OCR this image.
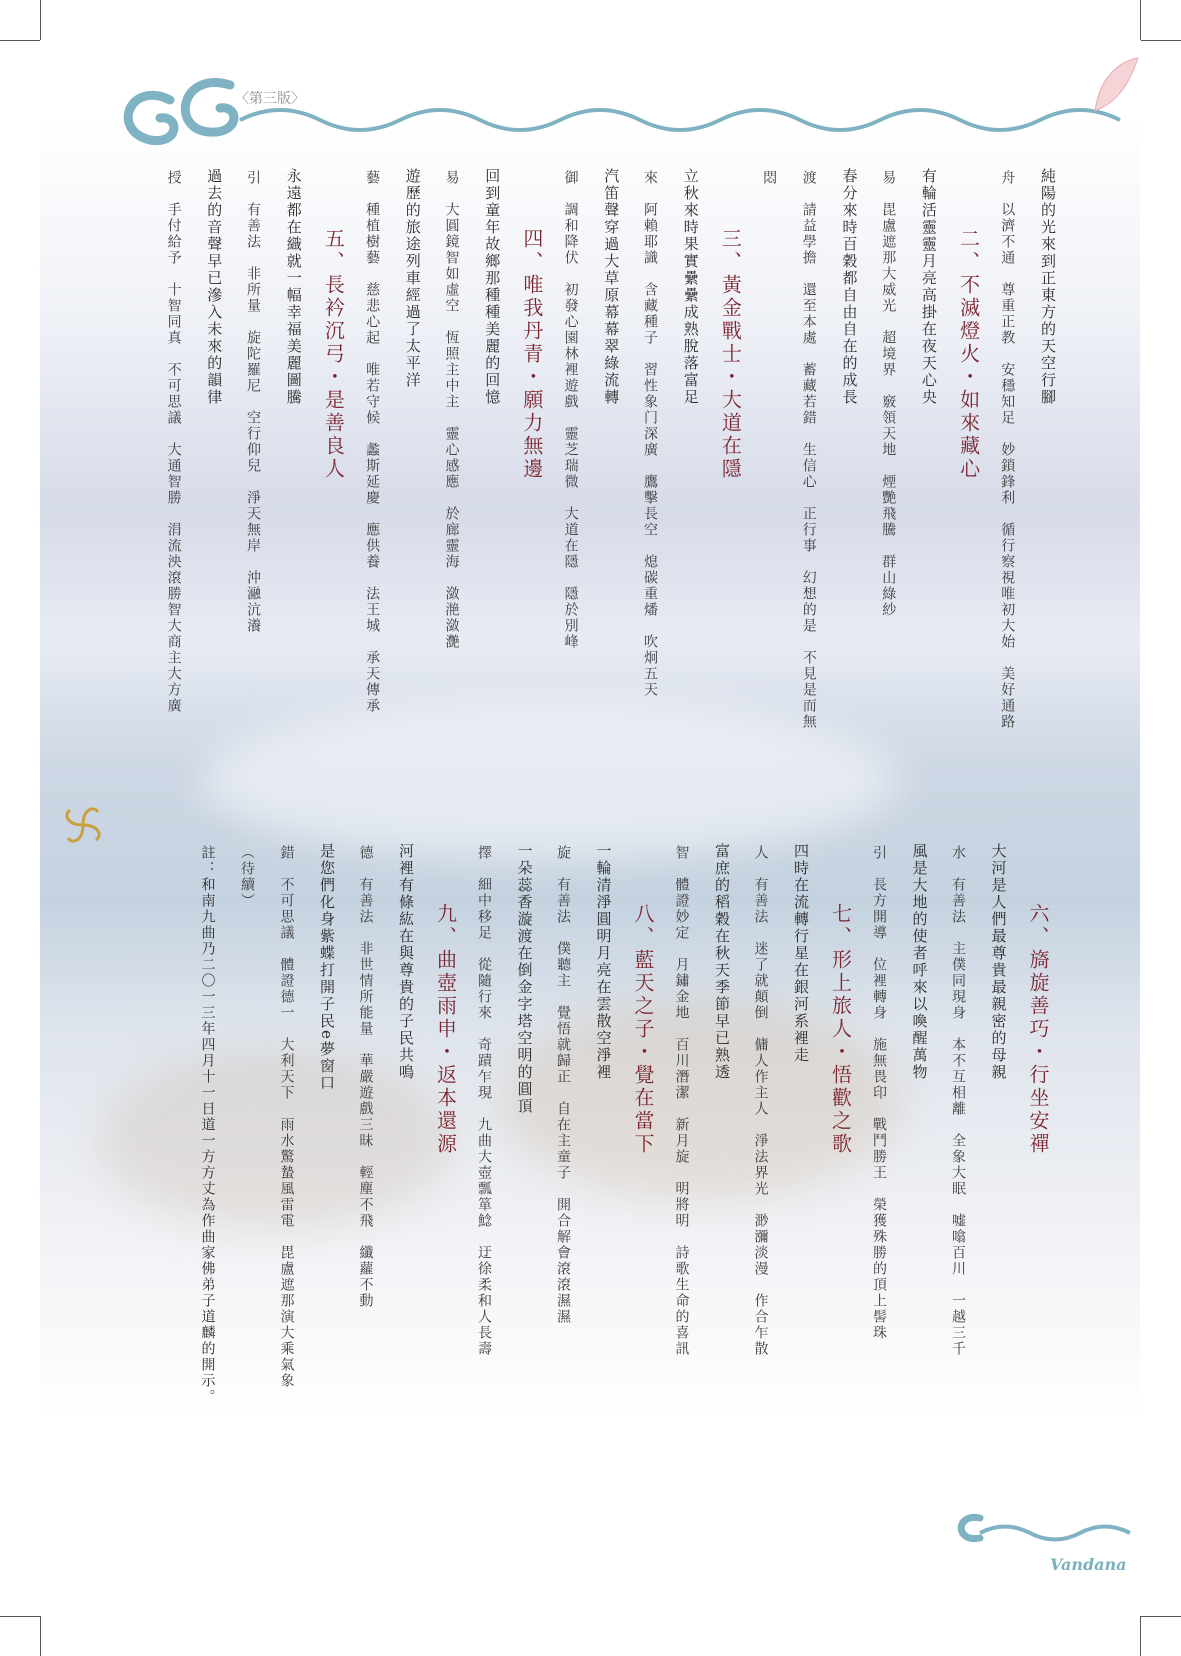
〈第三版〉
純陽的光來到正東方的天空行腳
舟　以濟不通　尊重正教　安穩知足　妙鎖鋒利　循行察視唯初大始　美好通路
二、不滅燈火・如來藏心
有輪活靈靈月亮高掛在夜天心央
易　毘盧遮那大威光　超境界　竅領天地　煙艷飛騰　群山綠紗
春分來時百穀都自由自在的成長
渡　請益學擔　還至本處　蓄藏若錯　生信心　正行事　幻想的是　不見是而無
悶
三、黃金戰士・大道在隱
立秋來時果實纍纍成熟脫落富足
來　阿賴耶識　含藏種子　習性象门深廣　鷹擊長空　熄碳重燔　吹炯五天
汽笛聲穿過大草原幕幕翠綠流轉
御　調和降伏　初發心園林裡遊戲　靈芝瑞微　大道在隱　隱於別峰
四、唯我丹青・願力無邊
回到童年故鄉那種種美麗的回憶
易　大圓鏡智如虛空　恆照主中主　靈心感應　於廊靈海　潋滟潋灔
遊歷的旅途列車經過了太平洋
藝　種植樹藝　慈悲心起　唯若守候　蠡斯延慶　應供養　法王城　承天傳承
五、長衿沉弓・是善良人
永遠都在織就一幅幸福美麗圖騰
引　有善法　非所量　旋陀羅尼　空行仰兒　淨天無岸　沖瀜沆瀁
過去的音聲早已滲入未來的韻律
授　手付給予　十智同真　不可思議　大通智勝　涓流泱滾勝智大商主大方廣
六、旖旋善巧・行坐安禪
大河是人們最尊貴最親密的母親
水　有善法　主僕同現身　本不互相離　全象大眠　嘘噏百川　一越三千
風是大地的使者呼來以喚醒萬物
引　長方開導　位裡轉身　施無畏印　戰鬥勝王　榮獲殊勝的頂上髻珠
七、形上旅人・悟歡之歌
四時在流轉行星在銀河系裡走
人　有善法　迷了就顛倒　傭人作主人　淨法界光　渺瀰淡漫　作合乍散
富庶的稻穀在秋天季節早已熟透
智　體證妙定　月鏽金地　百川潛潔　新月旋　明將明　詩歌生命的喜訊
八、藍天之子・覺在當下
一輪清淨圓明月亮在雲散空淨裡
旋　有善法　僕聽主　覺悟就歸正　自在主童子　開合解會滾滾濕濕
一朵蕊香漩渡在倒金字塔空明的圓頂
擇　細中移足　從隨行來　奇蹟乍現　九曲大壺瓢箪鯰　迂徐柔和人長壽
九、曲壺雨申・返本還源
河裡有條紘在與尊貴的子民共鳴
德　有善法　非世情所能量　華嚴遊戲三昧　輕塵不飛　纖蘿不動
是您們化身紫蝶打開子民e夢窗口
錯　不可思議　體證德一　大利天下　雨水驚蟄風雷電　毘盧遮那演大乘氣象
（待續）
註：和南九曲乃二〇一三年四月十一日道一方方丈為作曲家佛弟子道麟的開示。
Vandana
